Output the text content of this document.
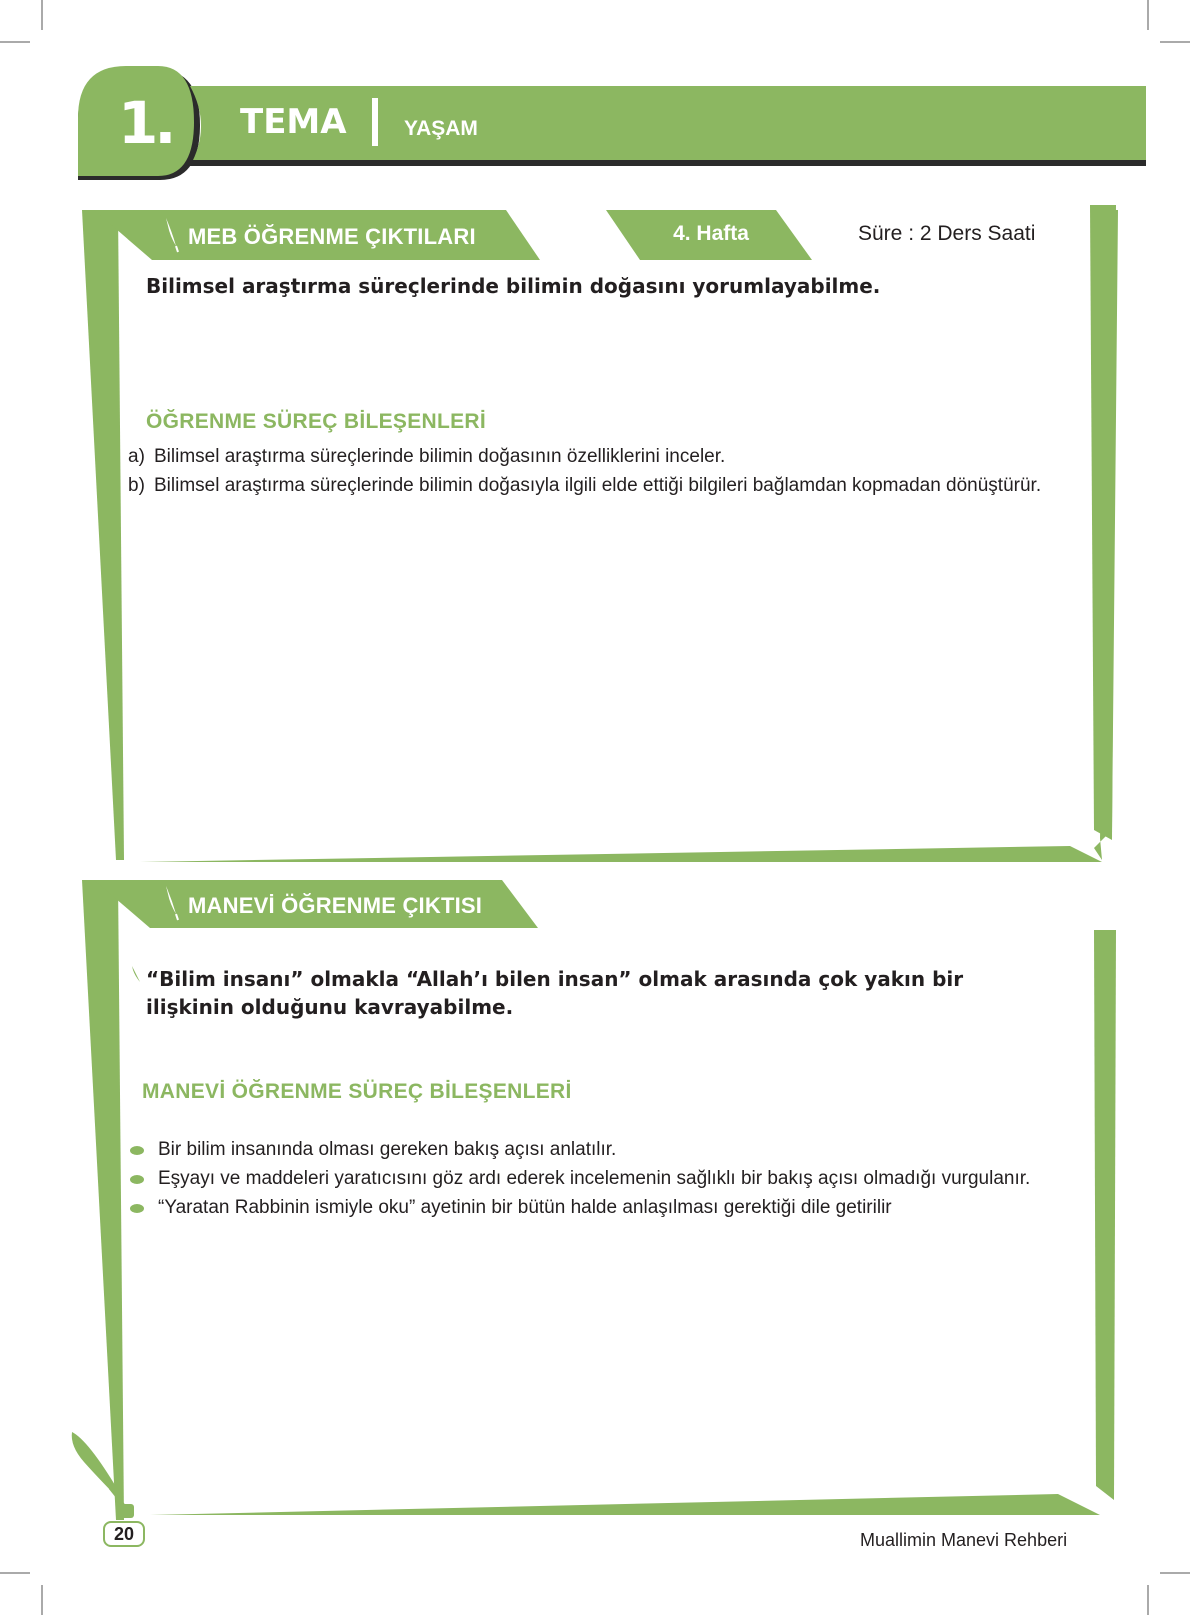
1. TEMA	YAŞAM
MEB ÖĞRENME ÇIKTILARI	4. Hafta	Süre : 2 Ders Saati
Bilimsel araştırma süreçlerinde bilimin doğasını yorumlayabilme.
ÖĞRENME SÜREÇ BİLEŞENLERİ
a) Bilimsel araştırma süreçlerinde bilimin doğasının özelliklerini inceler.
b) Bilimsel araştırma süreçlerinde bilimin doğasıyla ilgili elde ettiği bilgileri bağlamdan kopmadan dönüştürür.
MANEVİ ÖĞRENME ÇIKTISI
“Bilim insanı” olmakla “Allah’ı bilen insan” olmak arasında çok yakın bir ilişkinin olduğunu kavrayabilme.
MANEVİ ÖĞRENME SÜREÇ BİLEŞENLERİ
Bir bilim insanında olması gereken bakış açısı anlatılır.
Eşyayı ve maddeleri yaratıcısını göz ardı ederek incelemenin sağlıklı bir bakış açısı olmadığı vurgulanır.
“Yaratan Rabbinin ismiyle oku” ayetinin bir bütün halde anlaşılması gerektiği dile getirilir
20	Muallimin Manevi Rehberi
